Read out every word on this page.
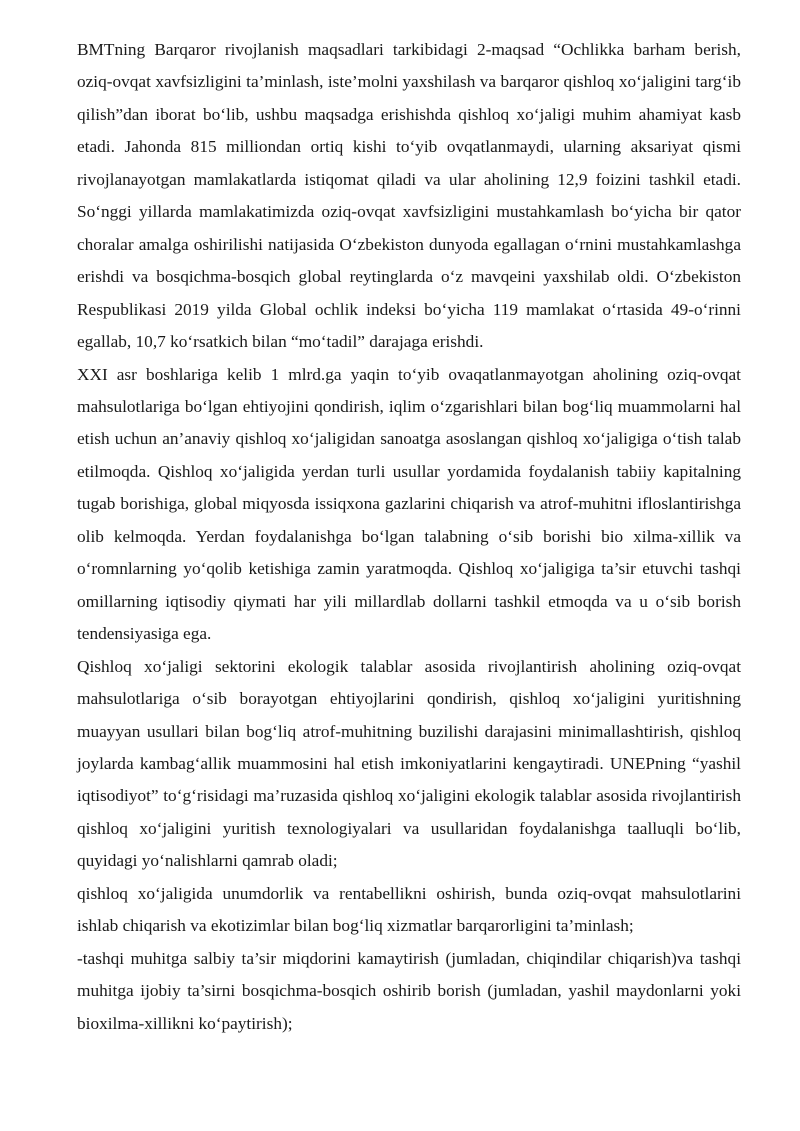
BMTning Barqaror rivojlanish maqsadlari tarkibidagi 2-maqsad “Ochlikka barham berish, oziq-ovqat xavfsizligini ta’minlash, iste’molni yaxshilash va barqaror qishloq xo‘jaligini targ‘ib qilish”dan iborat bo‘lib, ushbu maqsadga erishishda qishloq xo‘jaligi muhim ahamiyat kasb etadi. Jahonda 815 milliondan ortiq kishi to‘yib ovqatlanmaydi, ularning aksariyat qismi rivojlanayotgan mamlakatlarda istiqomat qiladi va ular aholining 12,9 foizini tashkil etadi. So‘nggi yillarda mamlakatimizda oziq-ovqat xavfsizligini mustahkamlash bo‘yicha bir qator choralar amalga oshirilishi natijasida O‘zbekiston dunyoda egallagan o‘rnini mustahkamlashga erishdi va bosqichma-bosqich global reytinglarda o‘z mavqeini yaxshilab oldi. O‘zbekiston Respublikasi 2019 yilda Global ochlik indeksi bo‘yicha 119 mamlakat o‘rtasida 49-o‘rinni egallab, 10,7 ko‘rsatkich bilan “mo‘tadil” darajaga erishdi.

XXI asr boshlariga kelib 1 mlrd.ga yaqin to‘yib ovaqatlanmayotgan aholining oziq-ovqat mahsulotlariga bo‘lgan ehtiyojini qondirish, iqlim o‘zgarishlari bilan bog‘liq muammolarni hal etish uchun an’anaviy qishloq xo‘jaligidan sanoatga asoslangan qishloq xo‘jaligiga o‘tish talab etilmoqda. Qishloq xo‘jaligida yerdan turli usullar yordamida foydalanish tabiiy kapitalning tugab borishiga, global miqyosda issiqxona gazlarini chiqarish va atrof-muhitni ifloslantirishga olib kelmoqda. Yerdan foydalanishga bo‘lgan talabning o‘sib borishi bio xilma-xillik va o‘romnlarning yo‘qolib ketishiga zamin yaratmoqda. Qishloq xo‘jaligiga ta’sir etuvchi tashqi omillarning iqtisodiy qiymati har yili millardlab dollarni tashkil etmoqda va u o‘sib borish tendensiyasiga ega.

Qishloq xo‘jaligi sektorini ekologik talablar asosida rivojlantirish aholining oziq-ovqat mahsulotlariga o‘sib borayotgan ehtiyojlarini qondirish, qishloq xo‘jaligini yuritishning muayyan usullari bilan bog‘liq atrof-muhitning buzilishi darajasini minimallashtirish, qishloq joylarda kambag‘allik muammosini hal etish imkoniyatlarini kengaytiradi. UNEPning “yashil iqtisodiyot” to‘g‘risidagi ma’ruzasida qishloq xo‘jaligini ekologik talablar asosida rivojlantirish qishloq xo‘jaligini yuritish texnologiyalari va usullaridan foydalanishga taalluqli bo‘lib, quyidagi yo‘nalishlarni qamrab oladi;

qishloq xo‘jaligida unumdorlik va rentabellikni oshirish, bunda oziq-ovqat mahsulotlarini ishlab chiqarish va ekotizimlar bilan bog‘liq xizmatlar barqarorligini ta’minlash;

-tashqi muhitga salbiy ta’sir miqdorini kamaytirish (jumladan, chiqindilar chiqarish)va tashqi muhitga ijobiy ta’sirni bosqichma-bosqich oshirib borish (jumladan, yashil maydonlarni yoki bioxilma-xillikni ko‘paytirish);
